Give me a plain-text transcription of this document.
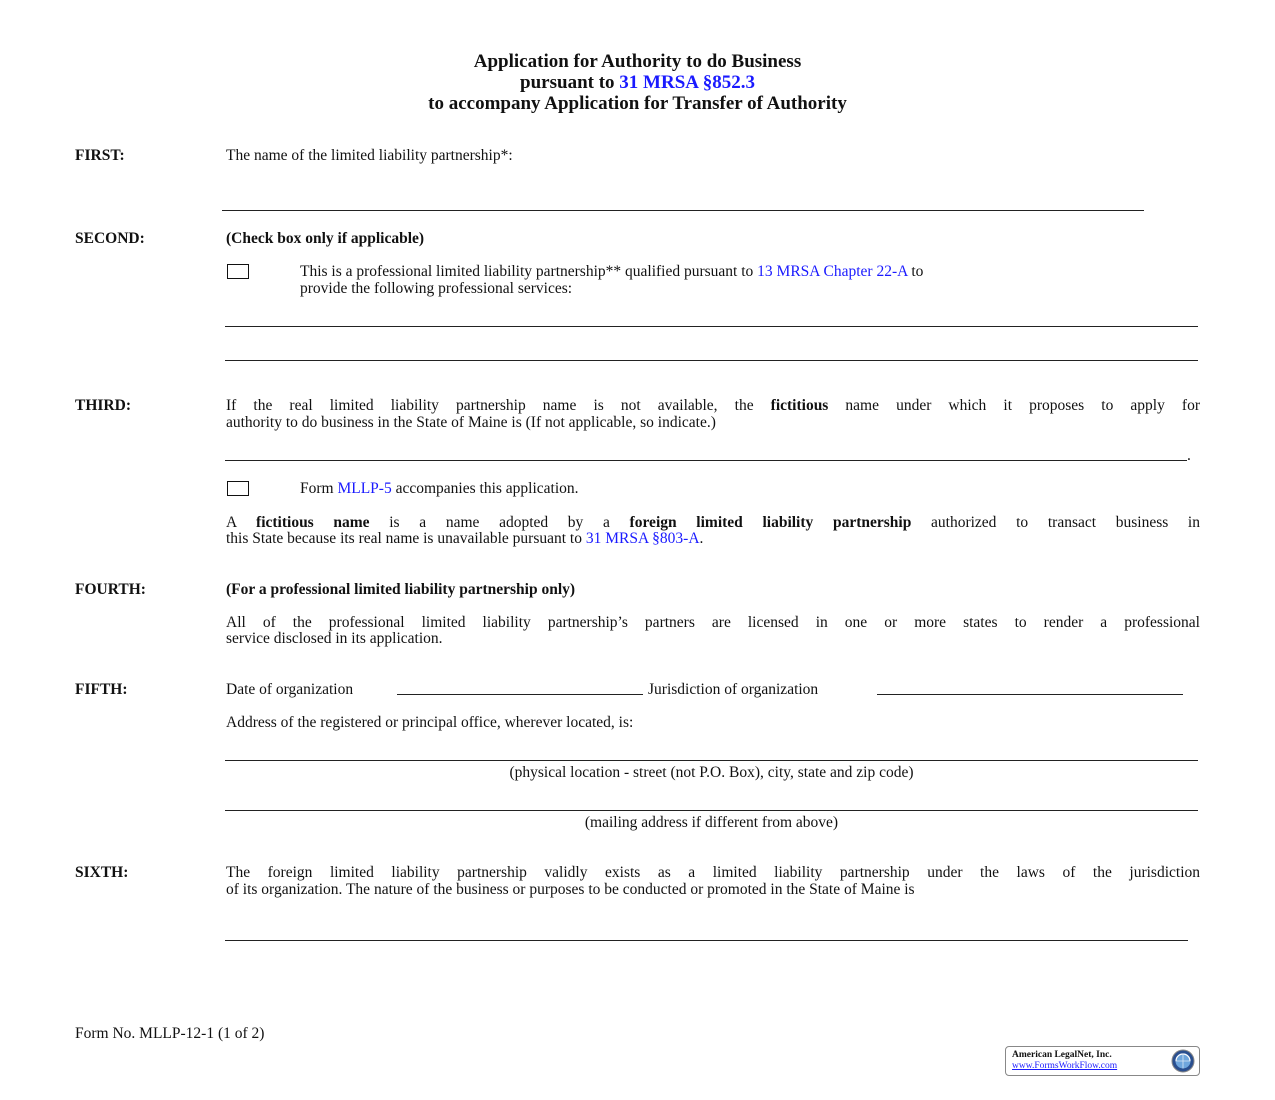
Application for Authority to do Business
pursuant to 31 MRSA §852.3
to accompany Application for Transfer of Authority
FIRST:	The name of the limited liability partnership*:
SECOND:	(Check box only if applicable)
This is a professional limited liability partnership** qualified pursuant to 13 MRSA Chapter 22-A to
provide the following professional services:
THIRD:	If the real limited liability partnership name is not available, the fictitious name under which it proposes to apply for
authority to do business in the State of Maine is (If not applicable, so indicate.)
.
Form MLLP-5 accompanies this application.
A fictitious name is a name adopted by a foreign limited liability partnership authorized to transact business in
this State because its real name is unavailable pursuant to 31 MRSA §803-A.
FOURTH:	(For a professional limited liability partnership only)
All of the professional limited liability partnership’s partners are licensed in one or more states to render a professional
service disclosed in its application.
FIFTH:	Date of organization	Jurisdiction of organization
Address of the registered or principal office, wherever located, is:
(physical location - street (not P.O. Box), city, state and zip code)
(mailing address if different from above)
SIXTH:	The foreign limited liability partnership validly exists as a limited liability partnership under the laws of the jurisdiction
of its organization. The nature of the business or purposes to be conducted or promoted in the State of Maine is
Form No. MLLP-12-1 (1 of 2)
American LegalNet, Inc.
www.FormsWorkFlow.com
